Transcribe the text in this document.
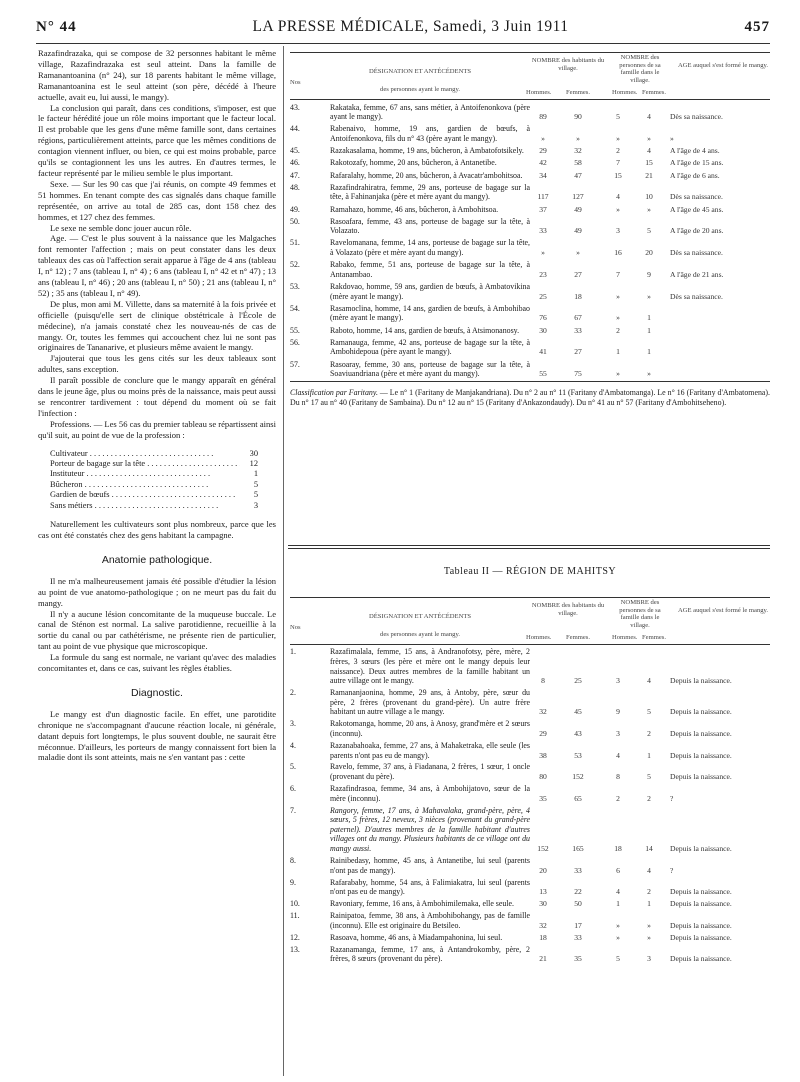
N° 44	LA PRESSE MÉDICALE, Samedi, 3 Juin 1911	457

Razafindrazaka, qui se compose de 32 personnes habitant le même village, Razafindrazaka est seul atteint. Dans la famille de Ramanantoanina (n° 24), sur 18 parents habitant le même village, Ramanantoanina est le seul atteint (son père, décédé à l'heure actuelle, avait eu, lui aussi, le mangy).

La conclusion qui paraît, dans ces conditions, s'imposer, est que le facteur hérédité joue un rôle moins important que le facteur local. Il est probable que les gens d'une même famille sont, dans certaines régions, particulièrement atteints, parce que les mêmes conditions de contagion viennent influer, ou bien, ce qui est moins probable, parce qu'ils se contagionnent les uns les autres. En d'autres termes, le facteur représenté par le milieu semble le plus important.

Sexe. — Sur les 90 cas que j'ai réunis, on compte 49 femmes et 51 hommes. En tenant compte des cas signalés dans chaque famille représentée, on arrive au total de 285 cas, dont 158 chez des hommes, et 127 chez des femmes.

Le sexe ne semble donc jouer aucun rôle.

Age. — C'est le plus souvent à la naissance que les Malgaches font remonter l'affection ; mais on peut constater dans les deux tableaux des cas où l'affection serait apparue à l'âge de 4 ans (tableau I, n° 12) ; 7 ans (tableau I, n° 4) ; 6 ans (tableau I, n° 42 et n° 47) ; 13 ans (tableau I, n° 46) ; 20 ans (tableau I, n° 50) ; 21 ans (tableau I, n° 52) ; 35 ans (tableau I, n° 49).

De plus, mon ami M. Villette, dans sa maternité à la fois privée et officielle (puisqu'elle sert de clinique obstétricale à l'École de médecine), n'a jamais constaté chez les nouveau-nés de cas de mangy. Or, toutes les femmes qui accouchent chez lui ne sont pas originaires de Tananarive, et plusieurs même avaient le mangy.

J'ajouterai que tous les gens cités sur les deux tableaux sont adultes, sans exception.

Il paraît possible de conclure que le mangy apparaît en général dans le jeune âge, plus ou moins près de la naissance, mais peut aussi se rencontrer tardivement : tout dépend du moment où se fait l'infection :

Professions. — Les 56 cas du premier tableau se répartissent ainsi qu'il suit, au point de vue de la profession :

Cultivateur . . .	30
Porteur de bagage sur la tête . . .	12
Instituteur . . .	1
Bûcheron . . .	5
Gardien de bœufs . . .	5
Sans métiers . . .	3

Naturellement les cultivateurs sont plus nombreux, parce que les cas ont été constatés chez des gens habitant la campagne.

Anatomie pathologique.

Il ne m'a malheureusement jamais été possible d'étudier la lésion au point de vue anatomo-pathologique ; on ne meurt pas du fait du mangy.

Il n'y a aucune lésion concomitante de la muqueuse buccale. Le canal de Sténon est normal. La salive parotidienne, recueillie à la sortie du canal ou par cathétérisme, ne présente rien de particulier, tant au point de vue physique que microscopique.

La formule du sang est normale, ne variant qu'avec des maladies concomitantes et, dans ce cas, suivant les règles établies.

Diagnostic.

Le mangy est d'un diagnostic facile. En effet, une parotidite chronique ne s'accompagnant d'aucune réaction locale, ni générale, datant depuis fort longtemps, le plus souvent double, ne saurait être méconnue. D'ailleurs, les porteurs de mangy connaissent fort bien la maladie dont ils sont atteints, mais ne s'en vantant pas : cette

Nos
DÉSIGNATION ET ANTÉCÉDENTS
NOMBRE des habitants du village.
NOMBRE des personnes de sa famille dans le village.
AGE auquel s'est formé le mangy.
Hommes. Femmes.	Hommes. Femmes.
des personnes ayant le mangy.
43.	Rakataka, femme, 67 ans, sans métier, à Antoifenonkova (père ayant le mangy).	89	90	5	4	Dès sa naissance.
44.	Rabenaivo, homme, 19 ans, gardien de bœufs, à Antoifenonkova, fils du n° 43 (père ayant le mangy).	»	»	»	»	»
45.	Razakasalama, homme, 19 ans, bûcheron, à Ambatofotsikely.	29	32	2	4	A l'âge de 4 ans.
46.	Rakotozafy, homme, 20 ans, bûcheron, à Antanetibe.	42	58	7	15	A l'âge de 15 ans.
47.	Rafaralahy, homme, 20 ans, bûcheron, à Avacatr'ambohitsoa.	34	47	15	21	A l'âge de 6 ans.
48.	Razafindrahiratra, femme, 29 ans, porteuse de bagage sur la tête, à Fahinanjaka (père et mère ayant du mangy).	117	127	4	10	Dès sa naissance.
49.	Ramahazo, homme, 46 ans, bûcheron, à Ambohitsoa.	37	49	»	»	A l'âge de 45 ans.
50.	Rasoafara, femme, 43 ans, porteuse de bagage sur la tête, à Volazato.	33	49	3	5	A l'âge de 20 ans.
51.	Ravelomanana, femme, 14 ans, porteuse de bagage sur la tête, à Volazato (père et mère ayant du mangy).	»	»	16	20	Dès sa naissance.
52.	Rabako, femme, 51 ans, porteuse de bagage sur la tête, à Antanambao.	23	27	7	9	A l'âge de 21 ans.
53.	Rakdovao, homme, 59 ans, gardien de bœufs, à Ambatovikina (mère ayant le mangy).	25	18	»	»	Dès sa naissance.
54.	Rasamoclina, homme, 14 ans, gardien de bœufs, à Ambohibao (mère ayant le mangy).	76	67	»	1
55.	Raboto, homme, 14 ans, gardien de bœufs, à Atsimonanosy.	30	33	2	1
56.	Ramanauga, femme, 42 ans, porteuse de bagage sur la tête, à Ambohidepoua (père ayant le mangy).	41	27	1	1
57.	Rasoaray, femme, 30 ans, porteuse de bagage sur la tête, à Soaviuandriana (père et mère ayant du mangy).	55	75	»	»
Classification par Faritany. — Le n° 1 (Faritany de Manjakandriana). Du n° 2 au n° 11 (Faritany d'Ambatomanga). Le n° 16 (Faritany d'Ambatomena). Du n° 17 au n° 40 (Faritany de Sambaina). Du n° 12 au n° 15 (Faritany d'Ankazondaudy). Du n° 41 au n° 57 (Faritany d'Ambohitseheno).
Tableau II — RÉGION DE MAHITSY
Nos
DÉSIGNATION ET ANTÉCÉDENTS
NOMBRE des habitants du village.
NOMBRE des personnes de sa famille dans le village.
AGE auquel s'est formé le mangy.
Hommes. Femmes.	Hommes. Femmes.
des personnes ayant le mangy.
1.	Razafimalala, femme, 15 ans, à Andranofotsy, père, mère, 2 frères, 3 sœurs (les père et mère ont le mangy depuis leur naissance). Deux autres membres de la famille habitant un autre village ont le mangy.	8	25	3	4	Depuis la naissance.
2.	Ramananjaonina, homme, 29 ans, à Antoby, père, sœur du père, 2 frères (provenant du grand-père). Un autre frère habitant un autre village a le mangy.	32	45	9	5	Depuis la naissance.
3.	Rakotomanga, homme, 20 ans, à Anosy, grand'mère et 2 sœurs (inconnu).	29	43	3	2	Depuis la naissance.
4.	Razanabahoaka, femme, 27 ans, à Mahaketraka, elle seule (les parents n'ont pas eu de mangy).	38	53	4	1	Depuis la naissance.
5.	Ravelo, femme, 37 ans, à Fiadanana, 2 frères, 1 sœur, 1 oncle (provenant du père).	80	152	8	5	Depuis la naissance.
6.	Razafindrasoa, femme, 34 ans, à Ambohijatovo, sœur de la mère (inconnu).	35	65	2	2	?
7.	Rangory, femme, 17 ans, à Mahavalaka, grand-père, père, 4 sœurs, 5 frères, 12 neveux, 3 nièces (provenant du grand-père paternel). D'autres membres de la famille habitant d'autres villages ont du mangy. Plusieurs habitants de ce village ont du mangy aussi.	152	165	18	14	Depuis la naissance.
8.	Rainibedasy, homme, 45 ans, à Antanetibe, lui seul (parents n'ont pas de mangy).	20	33	6	4	?
9.	Rafarababy, homme, 54 ans, à Falimiakatra, lui seul (parents n'ont pas eu de mangy).	13	22	4	2	Depuis la naissance.
10.	Ravoniary, femme, 16 ans, à Ambohimilemaka, elle seule.	30	50	1	1	Depuis la naissance.
11.	Rainipatoa, femme, 38 ans, à Ambohibohangy, pas de famille (inconnu). Elle est originaire du Betsileo.	32	17	»	»	Depuis la naissance.
12.	Rasoava, homme, 46 ans, à Miadampahonina, lui seul.	18	33	»	»	Depuis la naissance.
13.	Razanamanga, femme, 17 ans, à Antandrokomby, père, 2 frères, 8 sœurs (provenant du père).	21	35	5	3	Depuis la naissance.
